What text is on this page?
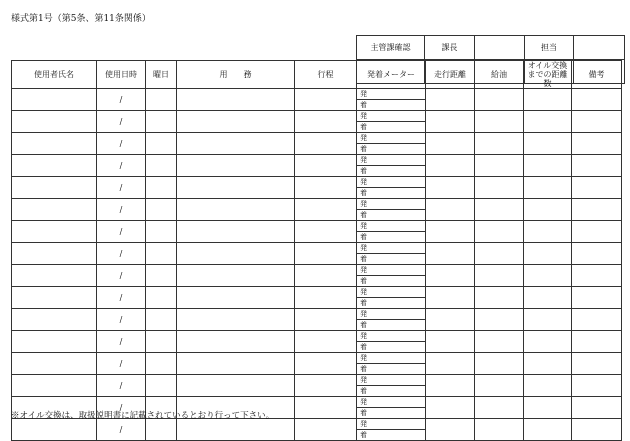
様式第1号（第5条、第11条関係）
主管課確認	課長		担当	

使用者氏名	使用日時	曜日	用　　務	行程	発着メーター	走行距離	給油	オイル交換までの距離数	備考
	/				発				
					着				
	/				発				
					着				
	/				発				
					着				
	/				発				
					着				
	/				発				
					着				
	/				発				
					着				
	/				発				
					着				
	/				発				
					着				
	/				発				
					着				
	/				発				
					着				
	/				発				
					着				
	/				発				
					着				
	/				発				
					着				
	/				発				
					着				
	/				発				
					着				
	/				発				
					着				
※オイル交換は、取扱説明書に記載されているとおり行って下さい。
